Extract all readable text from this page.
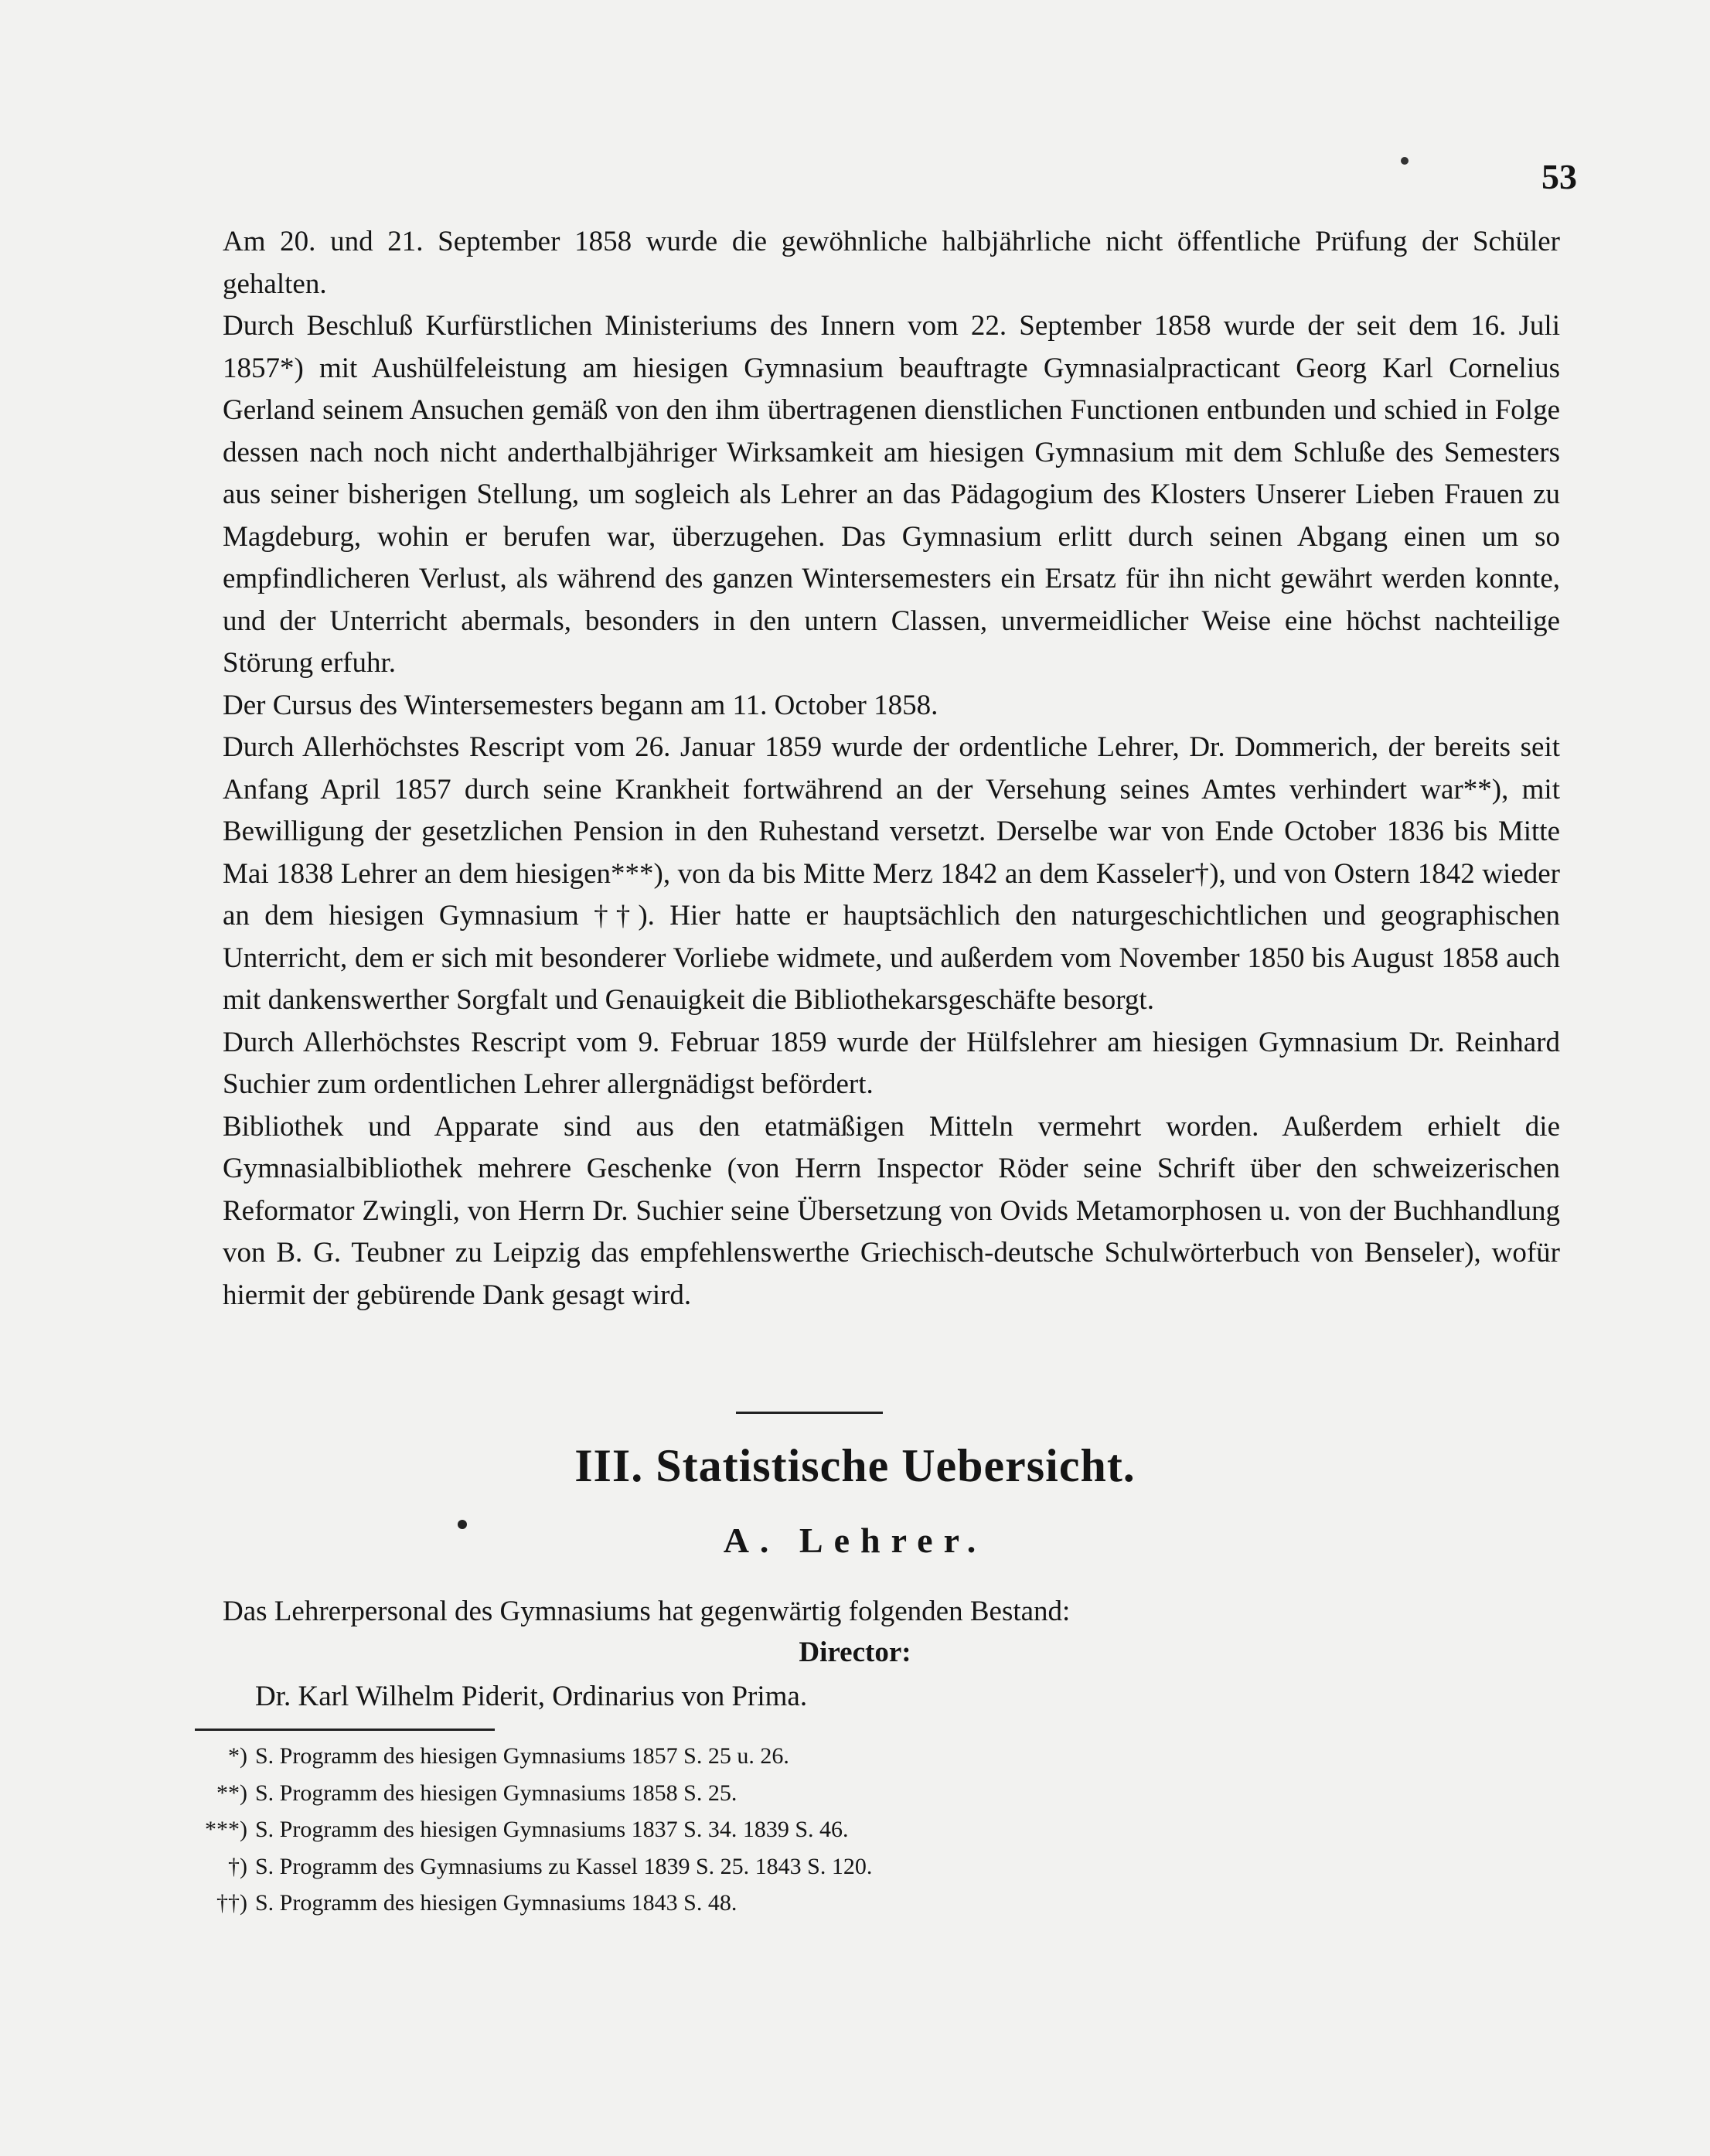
53

Am 20. und 21. September 1858 wurde die gewöhnliche halbjährliche nicht öffentliche Prüfung der Schüler gehalten.

Durch Beschluß Kurfürstlichen Ministeriums des Innern vom 22. September 1858 wurde der seit dem 16. Juli 1857*) mit Aushülfeleistung am hiesigen Gymnasium beauftragte Gymnasialpracticant Georg Karl Cornelius Gerland seinem Ansuchen gemäß von den ihm übertragenen dienstlichen Functionen entbunden und schied in Folge dessen nach noch nicht anderthalbjähriger Wirksamkeit am hiesigen Gymnasium mit dem Schluße des Semesters aus seiner bisherigen Stellung, um sogleich als Lehrer an das Pädagogium des Klosters Unserer Lieben Frauen zu Magdeburg, wohin er berufen war, überzugehen. Das Gymnasium erlitt durch seinen Abgang einen um so empfindlicheren Verlust, als während des ganzen Wintersemesters ein Ersatz für ihn nicht gewährt werden konnte, und der Unterricht abermals, besonders in den untern Classen, unvermeidlicher Weise eine höchst nachteilige Störung erfuhr.

Der Cursus des Wintersemesters begann am 11. October 1858.

Durch Allerhöchstes Rescript vom 26. Januar 1859 wurde der ordentliche Lehrer, Dr. Dommerich, der bereits seit Anfang April 1857 durch seine Krankheit fortwährend an der Versehung seines Amtes verhindert war**), mit Bewilligung der gesetzlichen Pension in den Ruhestand versetzt. Derselbe war von Ende October 1836 bis Mitte Mai 1838 Lehrer an dem hiesigen***), von da bis Mitte Merz 1842 an dem Kasseler†), und von Ostern 1842 wieder an dem hiesigen Gymnasium ††). Hier hatte er hauptsächlich den naturgeschichtlichen und geographischen Unterricht, dem er sich mit besonderer Vorliebe widmete, und außerdem vom November 1850 bis August 1858 auch mit dankenswerther Sorgfalt und Genauigkeit die Bibliothekarsgeschäfte besorgt.

Durch Allerhöchstes Rescript vom 9. Februar 1859 wurde der Hülfslehrer am hiesigen Gymnasium Dr. Reinhard Suchier zum ordentlichen Lehrer allergnädigst befördert.

Bibliothek und Apparate sind aus den etatmäßigen Mitteln vermehrt worden. Außerdem erhielt die Gymnasialbibliothek mehrere Geschenke (von Herrn Inspector Röder seine Schrift über den schweizerischen Reformator Zwingli, von Herrn Dr. Suchier seine Übersetzung von Ovids Metamorphosen u. von der Buchhandlung von B. G. Teubner zu Leipzig das empfehlenswerthe Griechisch-deutsche Schulwörterbuch von Benseler), wofür hiermit der gebürende Dank gesagt wird.

III. Statistische Uebersicht.
A. Lehrer.
Das Lehrerpersonal des Gymnasiums hat gegenwärtig folgenden Bestand:
Director:
Dr. Karl Wilhelm Piderit, Ordinarius von Prima.
*) S. Programm des hiesigen Gymnasiums 1857 S. 25 u. 26.
**) S. Programm des hiesigen Gymnasiums 1858 S. 25.
***) S. Programm des hiesigen Gymnasiums 1837 S. 34. 1839 S. 46.
†) S. Programm des Gymnasiums zu Kassel 1839 S. 25. 1843 S. 120.
††) S. Programm des hiesigen Gymnasiums 1843 S. 48.
